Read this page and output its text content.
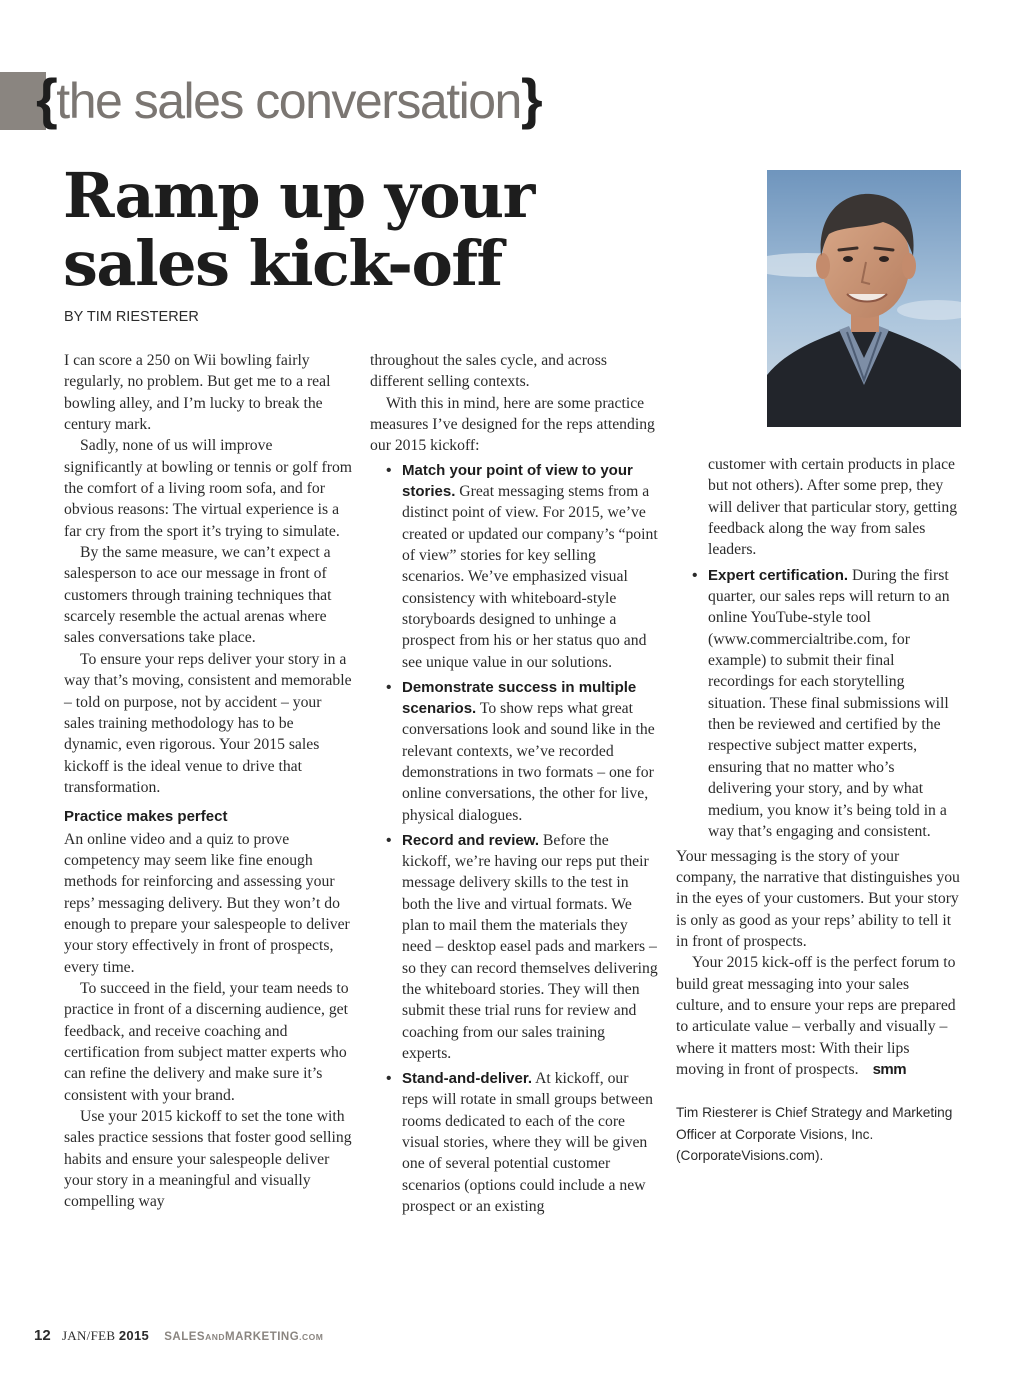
{the sales conversation}
Ramp up your
sales kick-off
BY TIM RIESTERER

I can score a 250 on Wii bowling fairly regularly, no problem. But get me to a real bowling alley, and I’m lucky to break the century mark.

Sadly, none of us will improve significantly at bowling or tennis or golf from the comfort of a living room sofa, and for obvious reasons: The virtual experience is a far cry from the sport it’s trying to simulate.

By the same measure, we can’t expect a salesperson to ace our message in front of customers through training techniques that scarcely resemble the actual arenas where sales conversations take place.

To ensure your reps deliver your story in a way that’s moving, consistent and memorable – told on purpose, not by accident – your sales training methodology has to be dynamic, even rigorous. Your 2015 sales kickoff is the ideal venue to drive that transformation.

Practice makes perfect

An online video and a quiz to prove competency may seem like fine enough methods for reinforcing and assessing your reps’ messaging delivery. But they won’t do enough to prepare your salespeople to deliver your story effectively in front of prospects, every time.

To succeed in the field, your team needs to practice in front of a discerning audience, get feedback, and receive coaching and certification from subject matter experts who can refine the delivery and make sure it’s consistent with your brand.

Use your 2015 kickoff to set the tone with sales practice sessions that foster good selling habits and ensure your salespeople deliver your story in a meaningful and visually compelling way

throughout the sales cycle, and across different selling contexts.

With this in mind, here are some practice measures I’ve designed for the reps attending our 2015 kickoff:

• Match your point of view to your stories. Great messaging stems from a distinct point of view. For 2015, we’ve created or updated our company’s “point of view” stories for key selling scenarios. We’ve emphasized visual consistency with whiteboard-style storyboards designed to unhinge a prospect from his or her status quo and see unique value in our solutions.
• Demonstrate success in multiple scenarios. To show reps what great conversations look and sound like in the relevant contexts, we’ve recorded demonstrations in two formats – one for online conversations, the other for live, physical dialogues.
• Record and review. Before the kickoff, we’re having our reps put their message delivery skills to the test in both the live and virtual formats. We plan to mail them the materials they need – desktop easel pads and markers – so they can record themselves delivering the whiteboard stories. They will then submit these trial runs for review and coaching from our sales training experts.
• Stand-and-deliver. At kickoff, our reps will rotate in small groups between rooms dedicated to each of the core visual stories, where they will be given one of several potential customer scenarios (options could include a new prospect or an existing

customer with certain products in place but not others). After some prep, they will deliver that particular story, getting feedback along the way from sales leaders.

• Expert certification. During the first quarter, our sales reps will return to an online YouTube-style tool (www.commercialtribe.com, for example) to submit their final recordings for each storytelling situation. These final submissions will then be reviewed and certified by the respective subject matter experts, ensuring that no matter who’s delivering your story, and by what medium, you know it’s being told in a way that’s engaging and consistent.

Your messaging is the story of your company, the narrative that distinguishes you in the eyes of your customers. But your story is only as good as your reps’ ability to tell it in front of prospects.

Your 2015 kick-off is the perfect forum to build great messaging into your sales culture, and to ensure your reps are prepared to articulate value – verbally and visually – where it matters most: With their lips moving in front of prospects. smm

Tim Riesterer is Chief Strategy and Marketing Officer at Corporate Visions, Inc. (CorporateVisions.com).

12 JAN/FEB 2015 SALESANDMARKETING.COM
